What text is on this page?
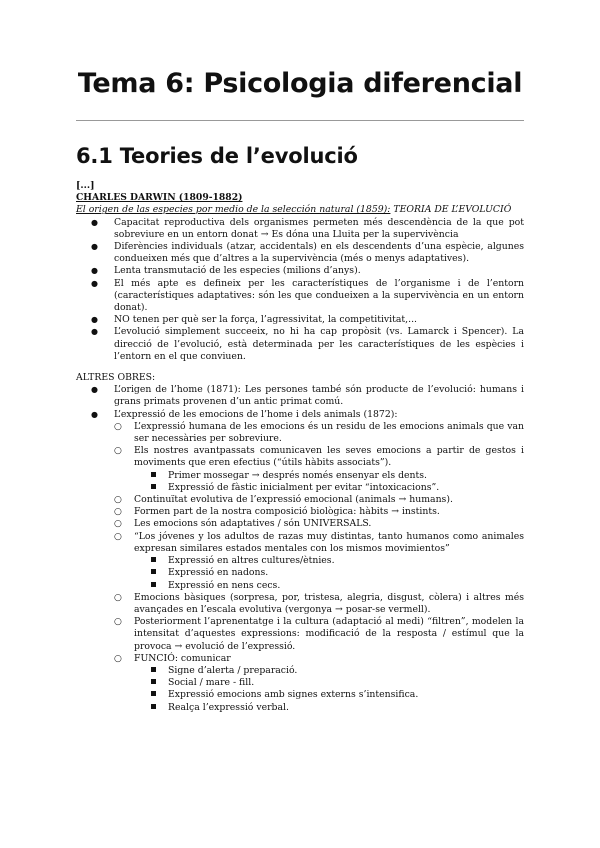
Tema 6: Psicologia diferencial
6.1 Teories de l’evolució

[...]

CHARLES DARWIN (1809-1882)

El origen de las especies por medio de la selección natural (1859): TEORIA DE L’EVOLUCIÓ

● Capacitat reproductiva dels organismes permeten més descendència de la que pot sobreviure en un entorn donat → Es dóna una Lluita per la supervivència
● Diferències individuals (atzar, accidentals) en els descendents d’una espècie, algunes condueixen més que d’altres a la supervivència (més o menys adaptatives).
● Lenta transmutació de les especies (milions d’anys).
● El més apte es defineix per les característiques de l’organisme i de l’entorn (característiques adaptatives: són les que condueixen a la supervivència en un entorn donat).
● NO tenen per què ser la força, l’agressivitat, la competitivitat,...
● L’evolució simplement succeeix, no hi ha cap propòsit (vs. Lamarck i Spencer). La direcció de l’evolució, està determinada per les característiques de les espècies i l’entorn en el que conviuen.

ALTRES OBRES:

● L’origen de l’home (1871): Les persones també són producte de l’evolució: humans i grans primats provenen d’un antic primat comú.
● L’expressió de les emocions de l’home i dels animals (1872):
○ L’expressió humana de les emocions és un residu de les emocions animals que van ser necessàries per sobreviure.
○ Els nostres avantpassats comunicaven les seves emocions a partir de gestos i moviments que eren efectius (“útils hàbits associats”).
Primer mossegar → després només ensenyar els dents.
Expressió de fàstic inicialment per evitar “intoxicacions”.
○ Continuïtat evolutiva de l’expressió emocional (animals → humans).
○ Formen part de la nostra composició biològica: hàbits → instints.
○ Les emocions són adaptatives / són UNIVERSALS.
○ “Los jóvenes y los adultos de razas muy distintas, tanto humanos como animales expresan similares estados mentales con los mismos movimientos”
Expressió en altres cultures/ètnies.
Expressió en nadons.
Expressió en nens cecs.
○ Emocions bàsiques (sorpresa, por, tristesa, alegria, disgust, còlera) i altres més avançades en l’escala evolutiva (vergonya → posar-se vermell).
○ Posteriorment l’aprenentatge i la cultura (adaptació al medi) “filtren”, modelen la intensitat d’aquestes expressions: modificació de la resposta / estímul que la provoca → evolució de l’expressió.
○ FUNCIÓ: comunicar
Signe d’alerta / preparació.
Social / mare - fill.
Expressió emocions amb signes externs s’intensifica.
Realça l’expressió verbal.
